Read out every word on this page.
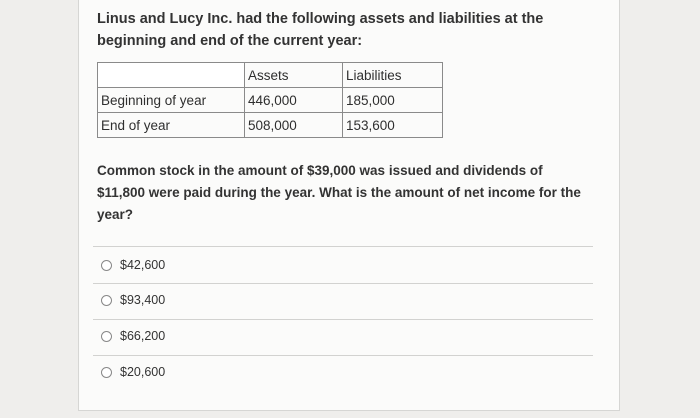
Linus and Lucy Inc. had the following assets and liabilities at the beginning and end of the current year:
	Assets	Liabilities
Beginning of year	446,000	185,000
End of year	508,000	153,600
Common stock in the amount of $39,000 was issued and dividends of $11,800 were paid during the year. What is the amount of net income for the year?
$42,600
$93,400
$66,200
$20,600
